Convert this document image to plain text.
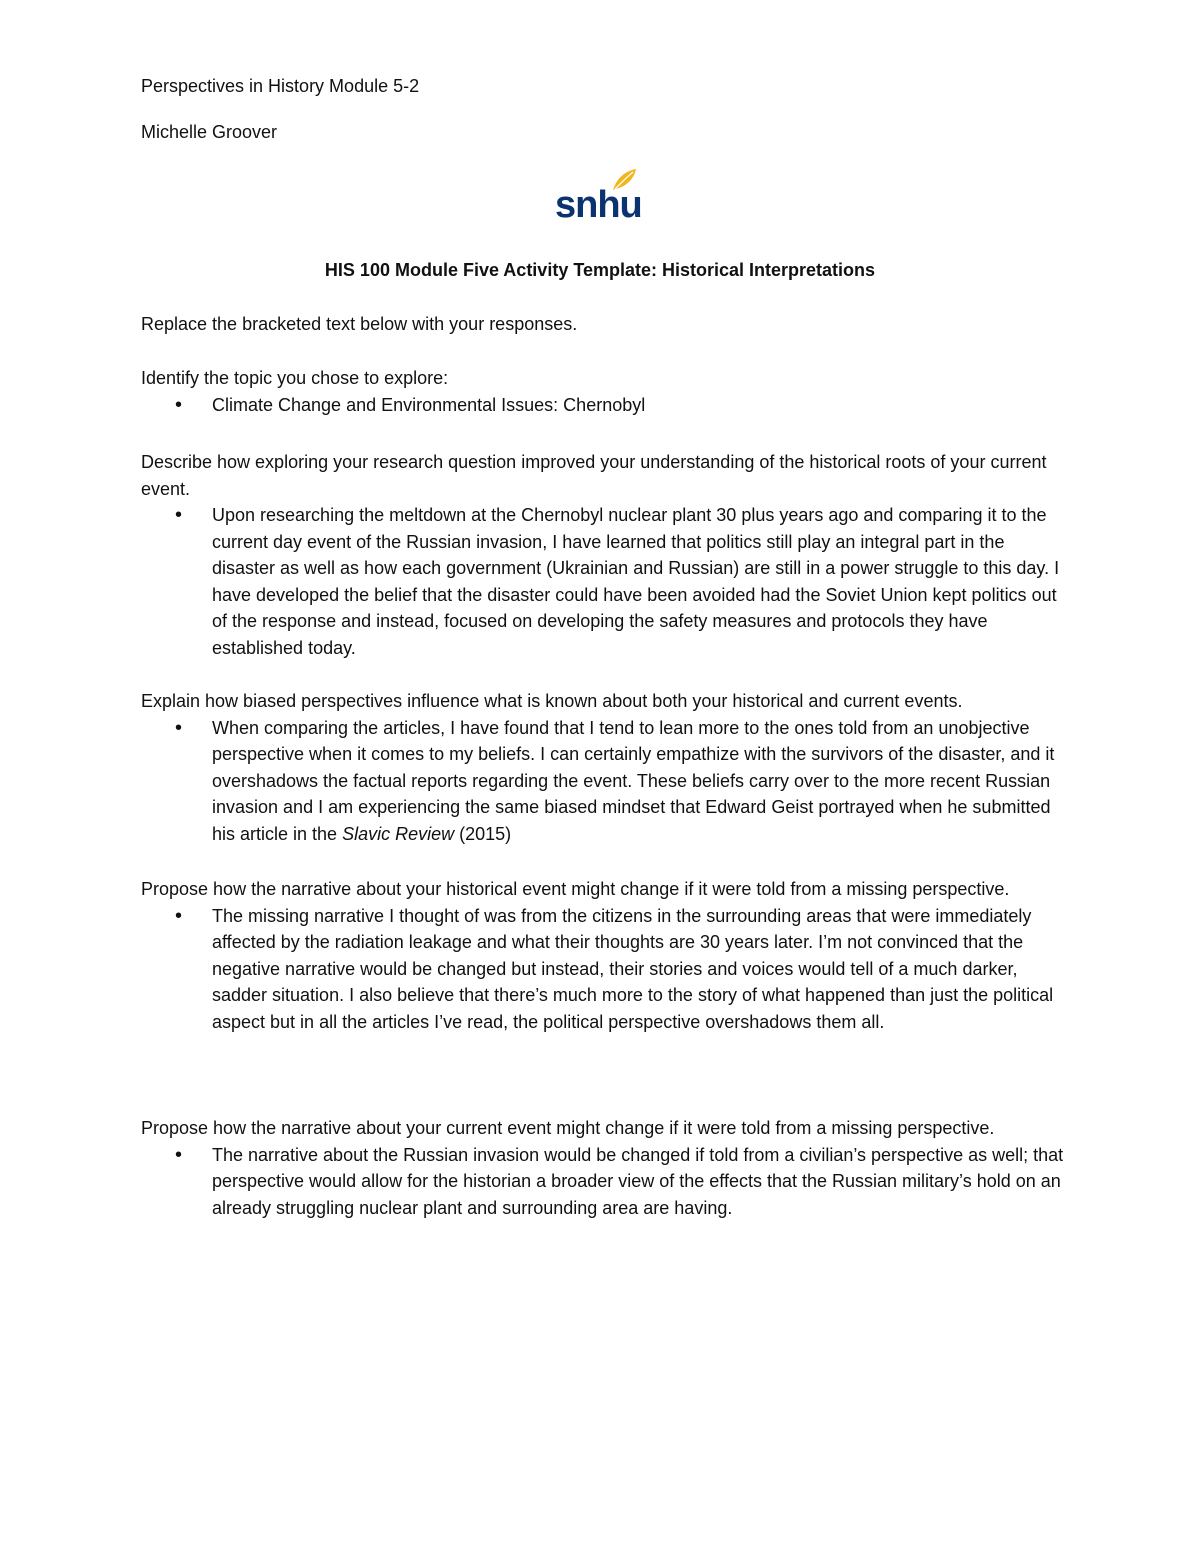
Perspectives in History Module 5-2

Michelle Groover

snhu
HIS 100 Module Five Activity Template: Historical Interpretations

Replace the bracketed text below with your responses.

Identify the topic you chose to explore:

• Climate Change and Environmental Issues: Chernobyl

Describe how exploring your research question improved your understanding of the historical roots of your current event.

• Upon researching the meltdown at the Chernobyl nuclear plant 30 plus years ago and comparing it to the current day event of the Russian invasion, I have learned that politics still play an integral part in the disaster as well as how each government (Ukrainian and Russian) are still in a power struggle to this day. I have developed the belief that the disaster could have been avoided had the Soviet Union kept politics out of the response and instead, focused on developing the safety measures and protocols they have established today.

Explain how biased perspectives influence what is known about both your historical and current events.

• When comparing the articles, I have found that I tend to lean more to the ones told from an unobjective perspective when it comes to my beliefs. I can certainly empathize with the survivors of the disaster, and it overshadows the factual reports regarding the event. These beliefs carry over to the more recent Russian invasion and I am experiencing the same biased mindset that Edward Geist portrayed when he submitted his article in the Slavic Review (2015)

Propose how the narrative about your historical event might change if it were told from a missing perspective.

• The missing narrative I thought of was from the citizens in the surrounding areas that were immediately affected by the radiation leakage and what their thoughts are 30 years later. I’m not convinced that the negative narrative would be changed but instead, their stories and voices would tell of a much darker, sadder situation. I also believe that there’s much more to the story of what happened than just the political aspect but in all the articles I’ve read, the political perspective overshadows them all.

Propose how the narrative about your current event might change if it were told from a missing perspective.

• The narrative about the Russian invasion would be changed if told from a civilian’s perspective as well; that perspective would allow for the historian a broader view of the effects that the Russian military’s hold on an already struggling nuclear plant and surrounding area are having.
